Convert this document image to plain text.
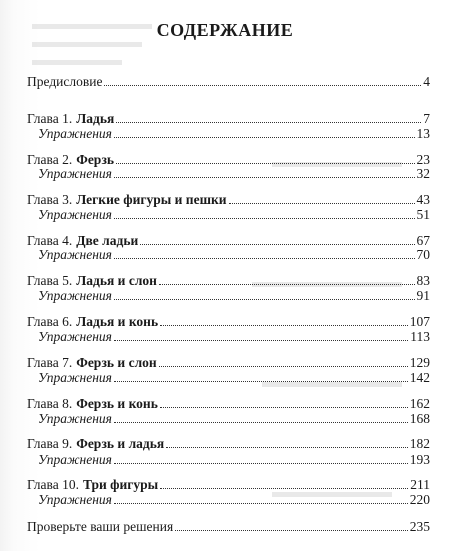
СОДЕРЖАНИЕ
Предисловие	4
Глава 1. Ладья	7
Упражнения	13
Глава 2. Ферзь	23
Упражнения	32
Глава 3. Легкие фигуры и пешки	43
Упражнения	51
Глава 4. Две ладьи	67
Упражнения	70
Глава 5. Ладья и слон	83
Упражнения	91
Глава 6. Ладья и конь	107
Упражнения	113
Глава 7. Ферзь и слон	129
Упражнения	142
Глава 8. Ферзь и конь	162
Упражнения	168
Глава 9. Ферзь и ладья	182
Упражнения	193
Глава 10. Три фигуры	211
Упражнения	220
Проверьте ваши решения	235
